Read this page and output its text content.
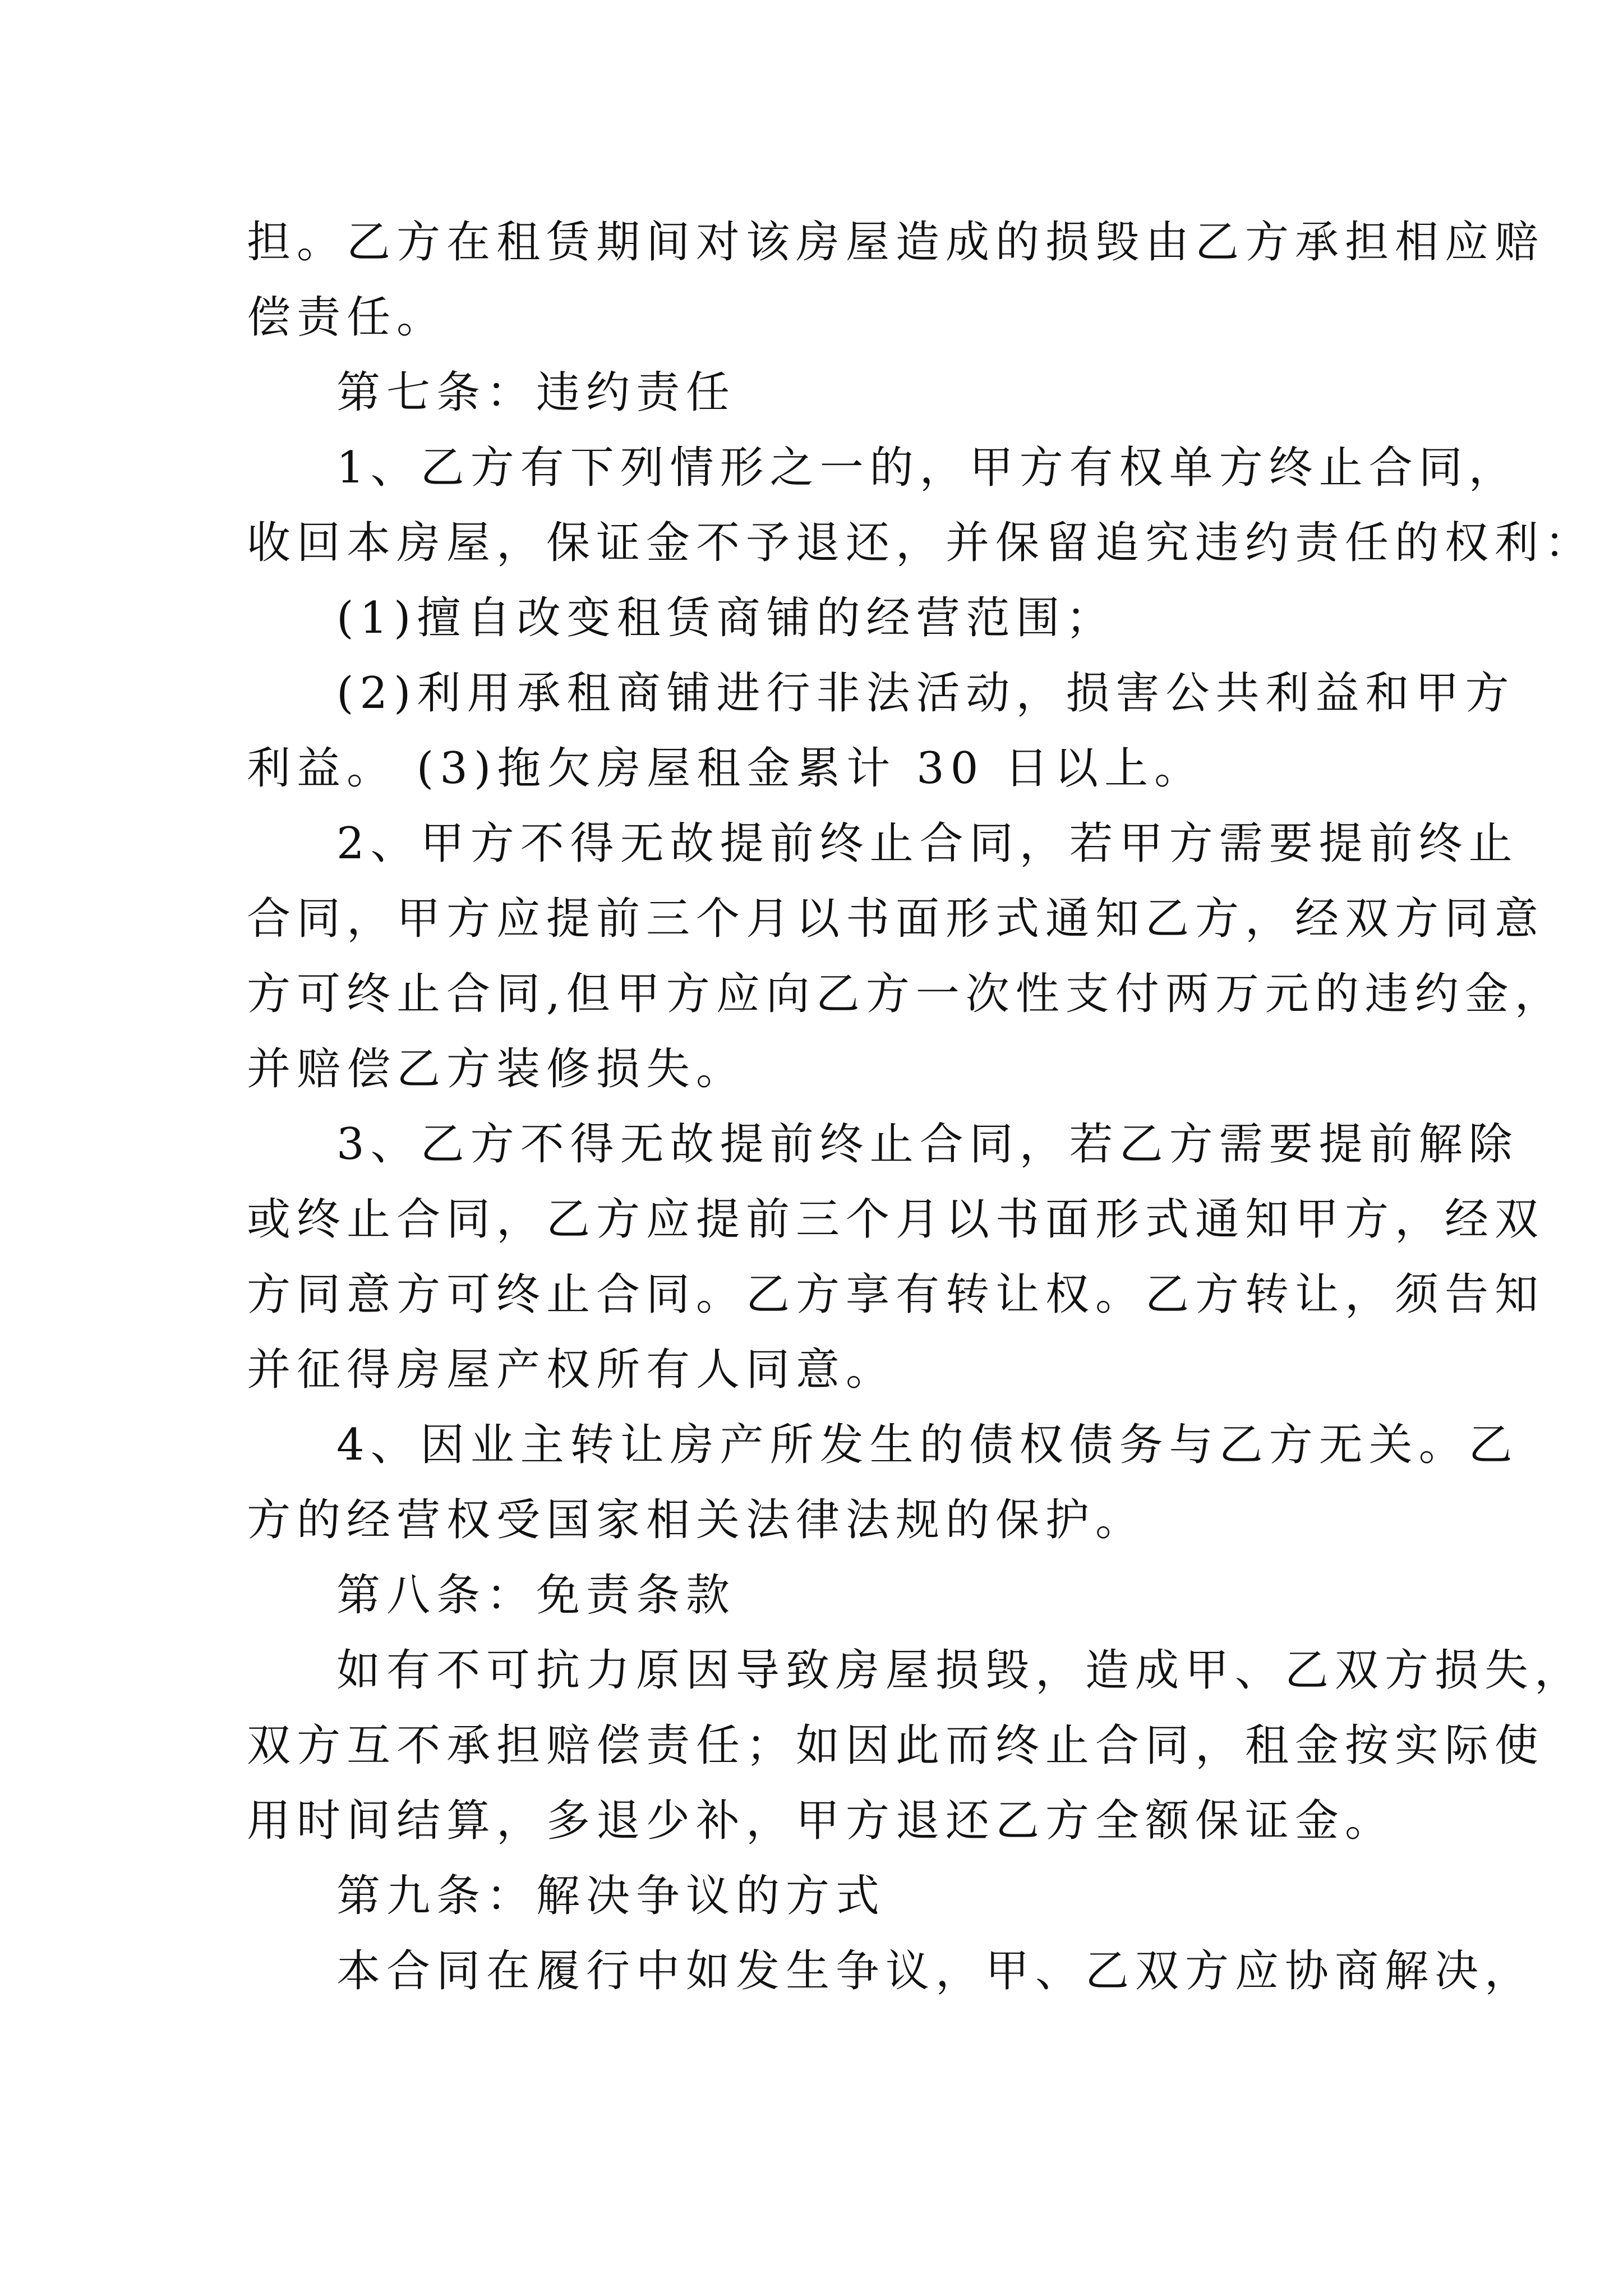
担。乙方在租赁期间对该房屋造成的损毁由乙方承担相应赔
偿责任。
第七条：违约责任
1、乙方有下列情形之一的，甲方有权单方终止合同，
收回本房屋，保证金不予退还，并保留追究违约责任的权利：
(1)擅自改变租赁商铺的经营范围；
(2)利用承租商铺进行非法活动，损害公共利益和甲方
利益。 (3)拖欠房屋租金累计 30 日以上。
2、甲方不得无故提前终止合同，若甲方需要提前终止
合同，甲方应提前三个月以书面形式通知乙方，经双方同意
方可终止合同,但甲方应向乙方一次性支付两万元的违约金，
并赔偿乙方装修损失。
3、乙方不得无故提前终止合同，若乙方需要提前解除
或终止合同，乙方应提前三个月以书面形式通知甲方，经双
方同意方可终止合同。乙方享有转让权。乙方转让，须告知
并征得房屋产权所有人同意。
4、因业主转让房产所发生的债权债务与乙方无关。乙
方的经营权受国家相关法律法规的保护。
第八条：免责条款
如有不可抗力原因导致房屋损毁，造成甲、乙双方损失，
双方互不承担赔偿责任；如因此而终止合同，租金按实际使
用时间结算，多退少补，甲方退还乙方全额保证金。
第九条：解决争议的方式
本合同在履行中如发生争议，甲、乙双方应协商解决，
